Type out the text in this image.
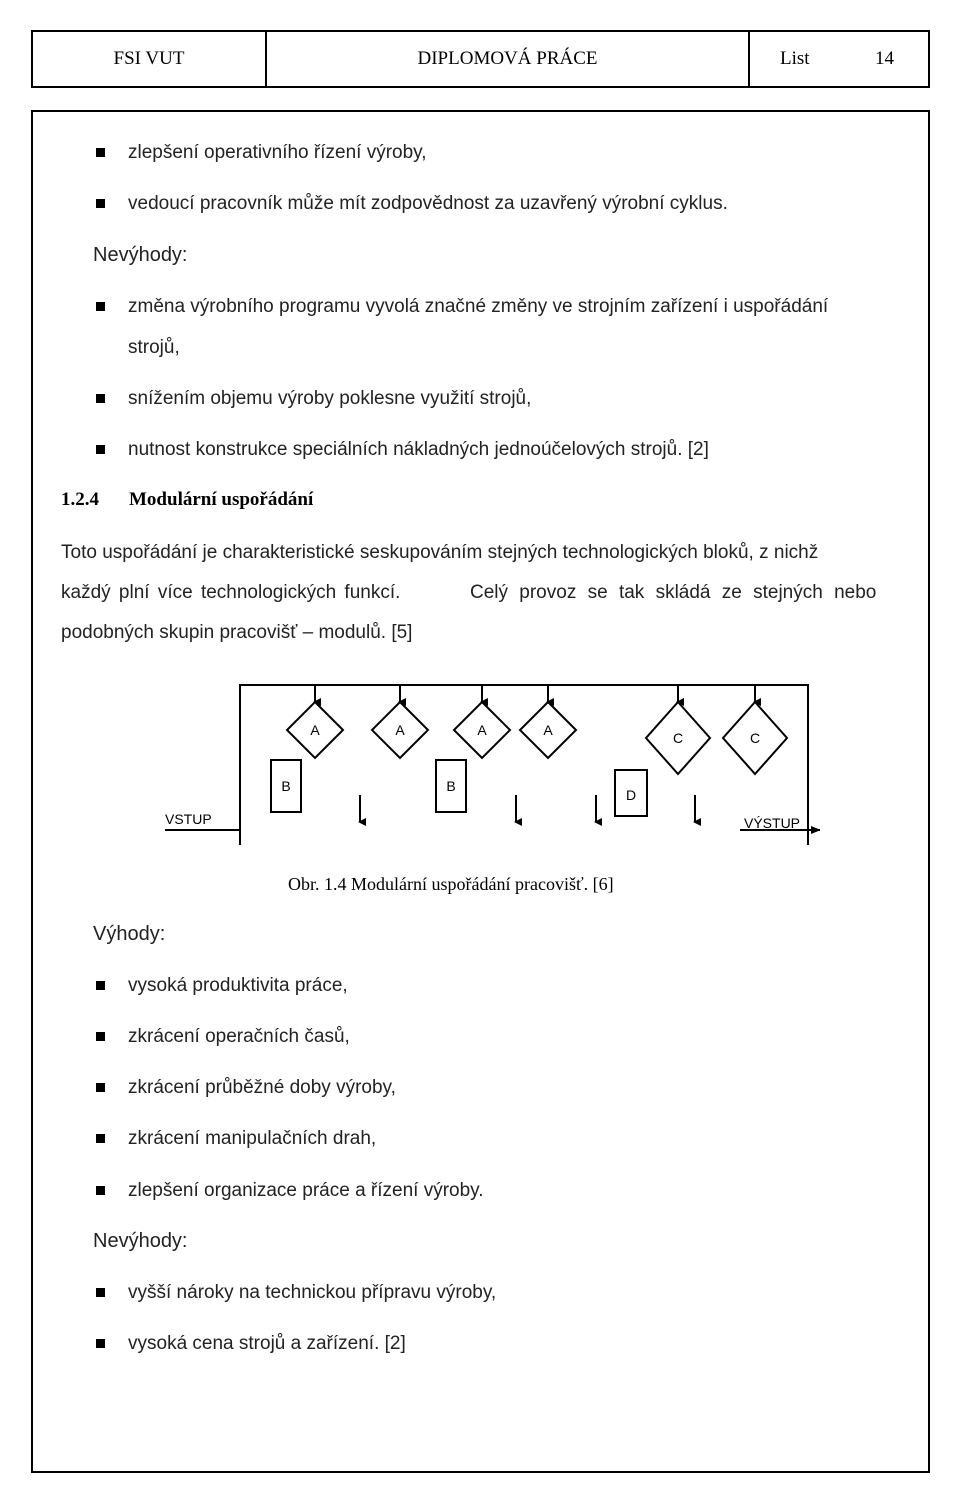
FSI VUT	DIPLOMOVÁ PRÁCE	List	14
zlepšení operativního řízení výroby,
vedoucí pracovník může mít zodpovědnost za uzavřený výrobní cyklus.
Nevýhody:
změna výrobního programu vyvolá značné změny ve strojním zařízení i uspořádání
strojů,
snížením objemu výroby poklesne využití strojů,
nutnost konstrukce speciálních nákladných jednoúčelových strojů. [2]
1.2.4 Modulární uspořádání
Toto uspořádání je charakteristické seskupováním stejných technologických bloků, z nichž
každý plní více technologických funkcí.	Celý provoz se tak skládá ze stejných nebo
podobných skupin pracovišť – modulů. [5]
A	A	A	A	C	C
B	B
D
VSTUP	VÝSTUP
Obr. 1.4 Modulární uspořádání pracovišť. [6]
Výhody:
vysoká produktivita práce,
zkrácení operačních časů,
zkrácení průběžné doby výroby,
zkrácení manipulačních drah,
zlepšení organizace práce a řízení výroby.
Nevýhody:
vyšší nároky na technickou přípravu výroby,
vysoká cena strojů a zařízení. [2]
